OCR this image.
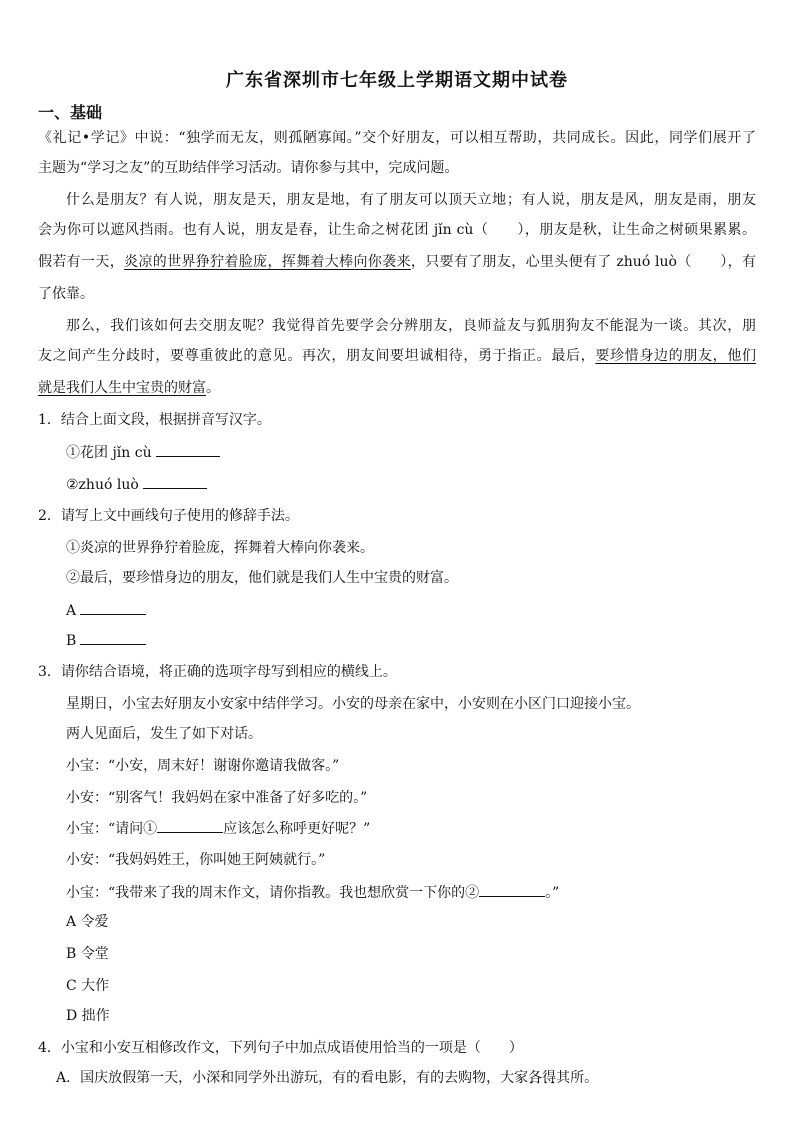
广东省深圳市七年级上学期语文期中试卷
一、基础
《礼记•学记》中说：“独学而无友，则孤陋寡闻。”交个好朋友，可以相互帮助，共同成长。因此，同学们展开了
主题为“学习之友”的互助结伴学习活动。请你参与其中，完成问题。
什么是朋友？有人说，朋友是天，朋友是地，有了朋友可以顶天立地；有人说，朋友是风，朋友是雨，朋友
会为你可以遮风挡雨。也有人说，朋友是春，让生命之树花团 jǐn cù（　　），朋友是秋，让生命之树硕果累累。
假若有一天，炎凉的世界狰狞着脸庞，挥舞着大棒向你袭来，只要有了朋友，心里头便有了 zhuó luò（　　），有
了依靠。
那么，我们该如何去交朋友呢？我觉得首先要学会分辨朋友，良师益友与狐朋狗友不能混为一谈。其次，朋
友之间产生分歧时，要尊重彼此的意见。再次，朋友间要坦诚相待，勇于指正。最后，要珍惜身边的朋友，他们
就是我们人生中宝贵的财富。
1．结合上面文段，根据拼音写汉字。
①花团 jǐn cù
②zhuó luò
2．请写上文中画线句子使用的修辞手法。
①炎凉的世界狰狞着脸庞，挥舞着大棒向你袭来。
②最后，要珍惜身边的朋友，他们就是我们人生中宝贵的财富。
A
B
3．请你结合语境，将正确的选项字母写到相应的横线上。
星期日，小宝去好朋友小安家中结伴学习。小安的母亲在家中，小安则在小区门口迎接小宝。
两人见面后，发生了如下对话。
小宝：“小安，周末好！谢谢你邀请我做客。”
小安：“别客气！我妈妈在家中准备了好多吃的。”
小宝：“请问①	应该怎么称呼更好呢？”
小安：“我妈妈姓王，你叫她王阿姨就行。”
小宝：“我带来了我的周末作文，请你指教。我也想欣赏一下你的②	。”
A 令爱
B 令堂
C 大作
D 拙作
4．小宝和小安互相修改作文，下列句子中加点成语使用恰当的一项是（　　）
A．国庆放假第一天，小深和同学外出游玩，有的看电影，有的去购物，大家各得其所 • • • •。
